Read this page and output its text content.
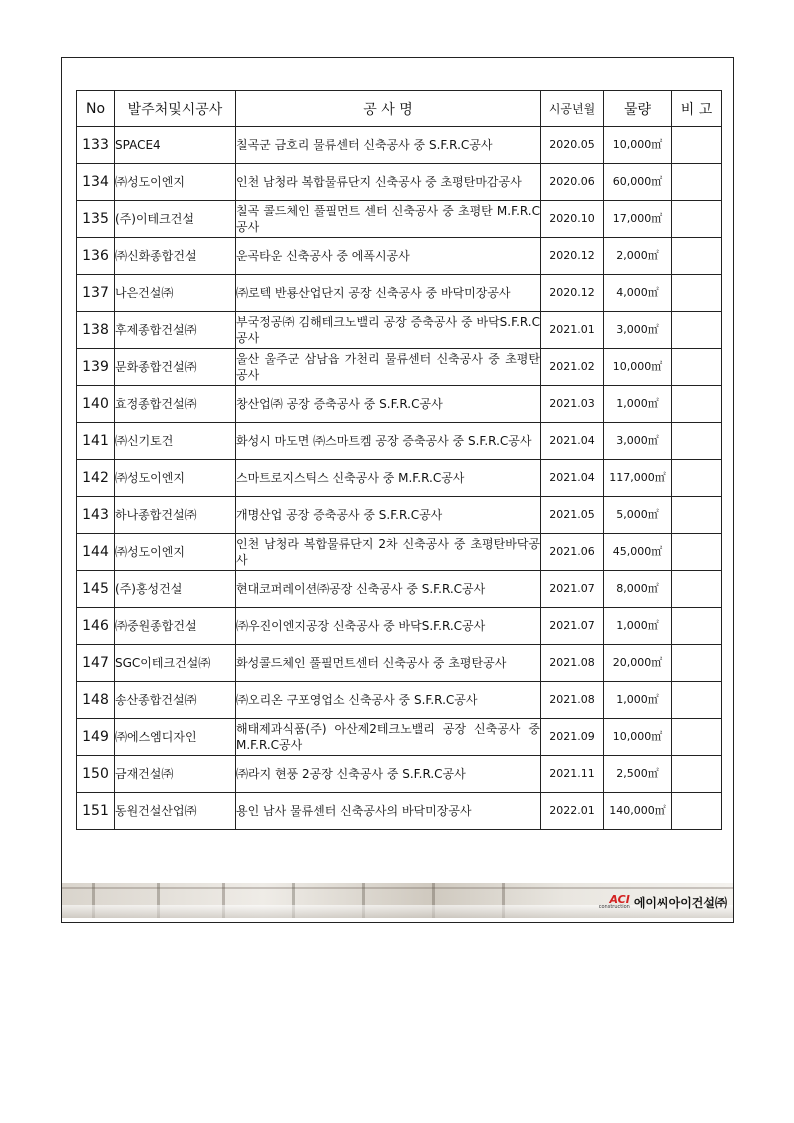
No	발주처및시공사	공 사 명	시공년월	물량	비 고
133	SPACE4	칠곡군 금호리 물류센터 신축공사 중 S.F.R.C공사	2020.05	10,000㎡	
134	㈜성도이엔지	인천 남청라 복합물류단지 신축공사 중 초평탄마감공사	2020.06	60,000㎡	
135	(주)이테크건설	칠곡 콜드체인 풀필먼트 센터 신축공사 중 초평탄 M.F.R.C공사	2020.10	17,000㎡	
136	㈜신화종합건설	운곡타운 신축공사 중 에폭시공사	2020.12	2,000㎡	
137	나은건설㈜	㈜로텍 반룡산업단지 공장 신축공사 중 바닥미장공사	2020.12	4,000㎡	
138	후제종합건설㈜	부국정공㈜ 김해테크노밸리 공장 증축공사 중 바닥S.F.R.C공사	2021.01	3,000㎡	
139	문화종합건설㈜	울산 울주군 삼남읍 가천리 물류센터 신축공사 중 초평탄공사	2021.02	10,000㎡	
140	효정종합건설㈜	창산업㈜ 공장 증축공사 중 S.F.R.C공사	2021.03	1,000㎡	
141	㈜신기토건	화성시 마도면 ㈜스마트켐 공장 증축공사 중 S.F.R.C공사	2021.04	3,000㎡	
142	㈜성도이엔지	스마트로지스틱스 신축공사 중 M.F.R.C공사	2021.04	117,000㎡	
143	하나종합건설㈜	개명산업 공장 증축공사 중 S.F.R.C공사	2021.05	5,000㎡	
144	㈜성도이엔지	인천 남청라 복합물류단지 2차 신축공사 중 초평탄바닥공사	2021.06	45,000㎡	
145	(주)홍성건설	현대코퍼레이션㈜공장 신축공사 중 S.F.R.C공사	2021.07	8,000㎡	
146	㈜중원종합건설	㈜우진이엔지공장 신축공사 중 바닥S.F.R.C공사	2021.07	1,000㎡	
147	SGC이테크건설㈜	화성콜드체인 풀필먼트센터 신축공사 중 초평탄공사	2021.08	20,000㎡	
148	송산종합건설㈜	㈜오리온 구포영업소 신축공사 중 S.F.R.C공사	2021.08	1,000㎡	
149	㈜에스엠디자인	해태제과식품(주) 아산제2테크노밸리 공장 신축공사 중 M.F.R.C공사	2021.09	10,000㎡	
150	금재건설㈜	㈜라지 현풍 2공장 신축공사 중 S.F.R.C공사	2021.11	2,500㎡	
151	동원건설산업㈜	용인 남사 물류센터 신축공사의 바닥미장공사	2022.01	140,000㎡	
ACI
construction 에이씨아이건설㈜
